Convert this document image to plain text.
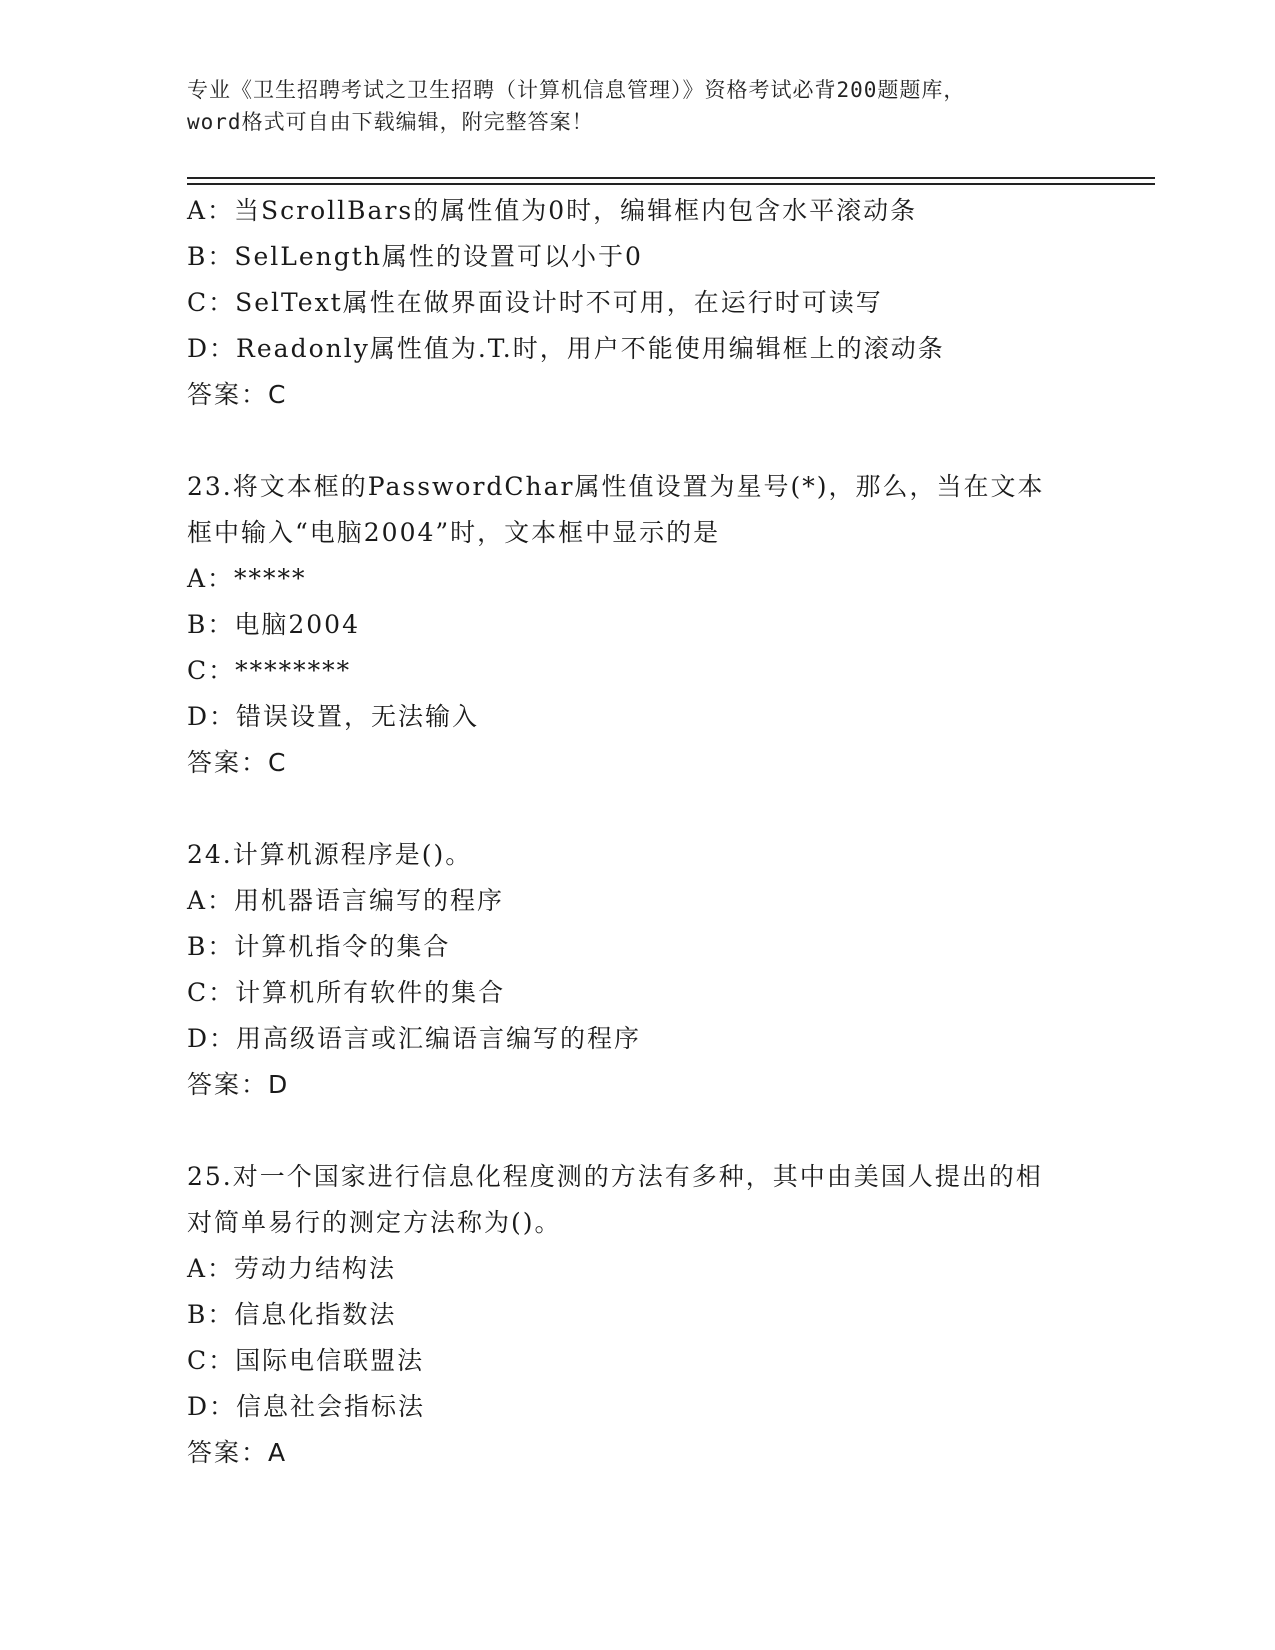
专业《卫生招聘考试之卫生招聘（计算机信息管理）》资格考试必背200题题库，
word格式可自由下载编辑，附完整答案！

A：当ScrollBars的属性值为0时，编辑框内包含水平滚动条

B：SelLength属性的设置可以小于0

C：SelText属性在做界面设计时不可用，在运行时可读写

D：Readonly属性值为.T.时，用户不能使用编辑框上的滚动条

答案：C

23.将文本框的PasswordChar属性值设置为星号(*)，那么，当在文本框中输入“电脑2004”时，文本框中显示的是

A：*****

B：电脑2004

C：********

D：错误设置，无法输入

答案：C

24.计算机源程序是()。

A：用机器语言编写的程序

B：计算机指令的集合

C：计算机所有软件的集合

D：用高级语言或汇编语言编写的程序

答案：D

25.对一个国家进行信息化程度测的方法有多种，其中由美国人提出的相对简单易行的测定方法称为()。

A：劳动力结构法

B：信息化指数法

C：国际电信联盟法

D：信息社会指标法

答案：A
